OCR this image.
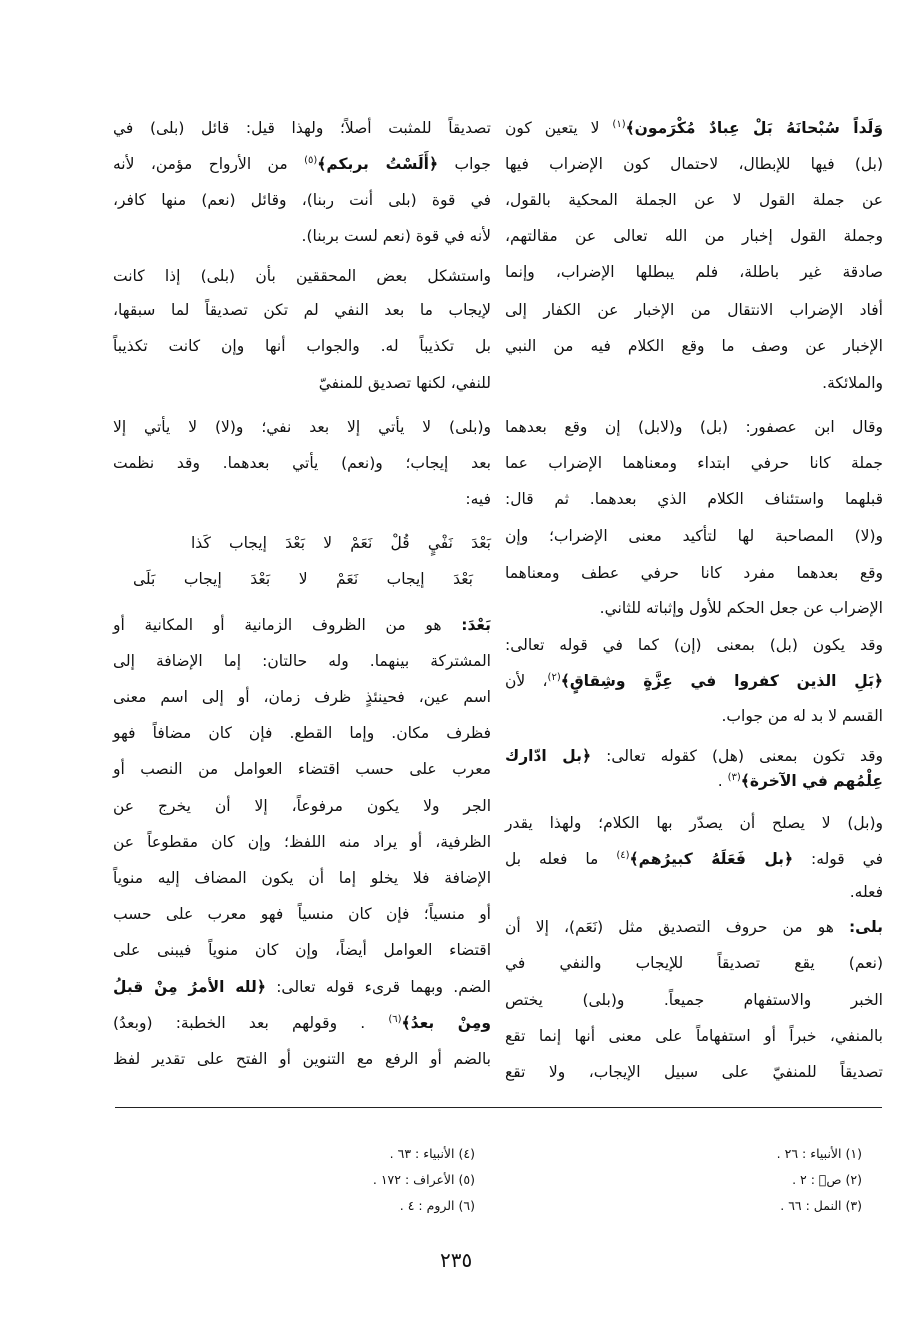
وَلَداً سُبْحانَهُ بَلْ عِبادٌ مُكْرَمون﴾$^{(١)}$ لا يتعين كون
(بل) فيها للإبطال، لاحتمال كون الإضراب فيها
عن جملة القول لا عن الجملة المحكية بالقول،
وجملة القول إخبار من الله تعالى عن مقالتهم،
صادقة غير باطلة، فلم يبطلها الإضراب، وإنما
أفاد الإضراب الانتقال من الإخبار عن الكفار إلى
الإخبار عن وصف ما وقع الكلام فيه من النبي
والملائكة.
وقال ابن عصفور: (بل) و(لابل) إن وقع بعدهما
جملة كانا حرفي ابتداء ومعناهما الإضراب عما
قبلهما واستئناف الكلام الذي بعدهما. ثم قال:
و(لا) المصاحبة لها لتأكيد معنى الإضراب؛ وإن
وقع بعدهما مفرد كانا حرفي عطف ومعناهما
الإضراب عن جعل الحكم للأول وإثباته للثاني.
وقد يكون (بل) بمعنى (إن) كما في قوله تعالى:
﴿بَلِ الذين كفروا في عِزَّةٍ وشِقاقٍ﴾$^{(٢)}$، لأن
القسم لا بد له من جواب.
وقد تكون بمعنى (هل) كقوله تعالى: ﴿بل ادّارك
عِلْمُهم في الآخرة﴾$^{(٣)}$ .
و(بل) لا يصلح أن يصدّر بها الكلام؛ ولهذا يقدر
في قوله: ﴿بل فَعَلَهُ كبيرُهم﴾$^{(٤)}$ ما فعله بل
فعله.
بلى: هو من حروف التصديق مثل (نَعَم)، إلا أن
(نعم) يقع تصديقاً للإيجاب والنفي في
الخبر والاستفهام جميعاً. و(بلى) يختص
بالمنفي، خبراً أو استفهاماً على معنى أنها إنما تقع
تصديقاً للمنفيّ على سبيل الإيجاب، ولا تقع
تصديقاً للمثبت أصلاً؛ ولهذا قيل: قائل (بلى) في
جواب ﴿أَلَسْتُ بربكم﴾$^{(٥)}$ من الأرواح مؤمن، لأنه
في قوة (بلى أنت ربنا)، وقائل (نعم) منها كافر،
لأنه في قوة (نعم لست بربنا).
واستشكل بعض المحققين بأن (بلى) إذا كانت
لإيجاب ما بعد النفي لم تكن تصديقاً لما سبقها،
بل تكذيباً له. والجواب أنها وإن كانت تكذيباً
للنفي، لكنها تصديق للمنفيّ
و(بلى) لا يأتي إلا بعد نفي؛ و(لا) لا يأتي إلا
بعد إيجاب؛ و(نعم) يأتي بعدهما. وقد نظمت
فيه:
بَعْدَ نَفْيٍ قُلْ نَعَمْ لا بَعْدَ إيجاب كَذا
بَعْدَ إيجاب نَعَمْ لا بَعْدَ إيجاب بَلَى
بَعْدَ: هو من الظروف الزمانية أو المكانية أو
المشتركة بينهما. وله حالتان: إما الإضافة إلى
اسم عين، فحينئذٍ ظرف زمان، أو إلى اسم معنى
فظرف مكان. وإما القطع. فإن كان مضافاً فهو
معرب على حسب اقتضاء العوامل من النصب أو
الجر ولا يكون مرفوعاً، إلا أن يخرج عن
الظرفية، أو يراد منه اللفظ؛ وإن كان مقطوعاً عن
الإضافة فلا يخلو إما أن يكون المضاف إليه منوياً
أو منسياً؛ فإن كان منسياً فهو معرب على حسب
اقتضاء العوامل أيضاً، وإن كان منوياً فيبنى على
الضم. وبهما قرىء قوله تعالى: ﴿لله الأمرُ مِنْ قبلُ
ومِنْ بعدُ﴾$^{(٦)}$ . وقولهم بعد الخطبة: (وبعدُ)
بالضم أو الرفع مع التنوين أو الفتح على تقدير لفظ
(١) الأنبياء : ٢٦ .
(٢) صۤ : ٢ .
(٣) النمل : ٦٦ .
(٤) الأنبياء : ٦٣ .
(٥) الأعراف : ١٧٢ .
(٦) الروم : ٤ .
٢٣٥
